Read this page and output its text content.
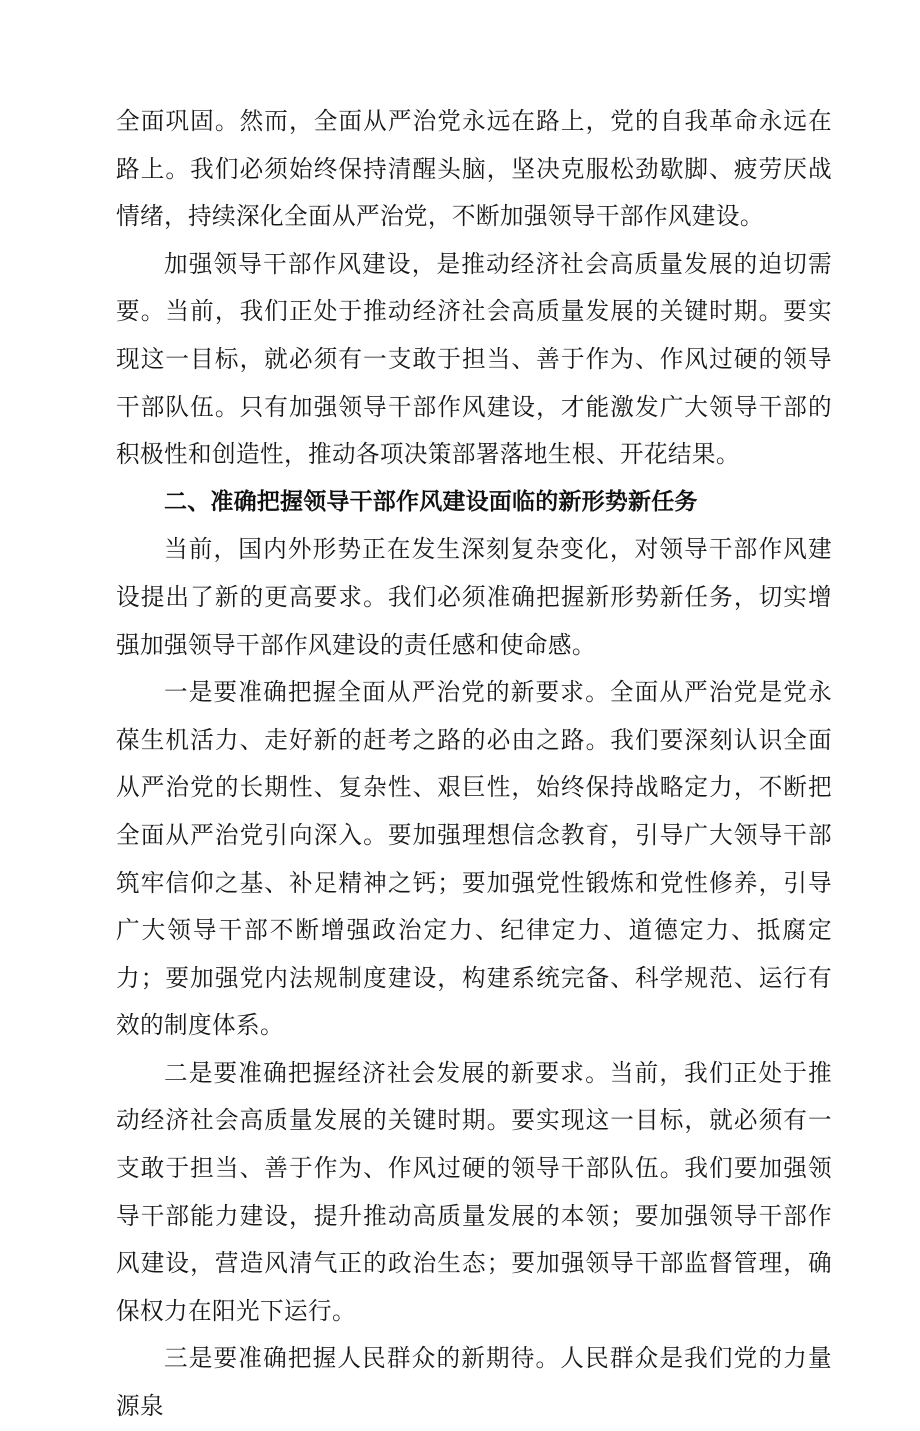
全面巩固。然而，全面从严治党永远在路上，党的自我革命永远在路上。我们必须始终保持清醒头脑，坚决克服松劲歇脚、疲劳厌战情绪，持续深化全面从严治党，不断加强领导干部作风建设。

加强领导干部作风建设，是推动经济社会高质量发展的迫切需要。当前，我们正处于推动经济社会高质量发展的关键时期。要实现这一目标，就必须有一支敢于担当、善于作为、作风过硬的领导干部队伍。只有加强领导干部作风建设，才能激发广大领导干部的积极性和创造性，推动各项决策部署落地生根、开花结果。

二、准确把握领导干部作风建设面临的新形势新任务

当前，国内外形势正在发生深刻复杂变化，对领导干部作风建设提出了新的更高要求。我们必须准确把握新形势新任务，切实增强加强领导干部作风建设的责任感和使命感。

一是要准确把握全面从严治党的新要求。全面从严治党是党永葆生机活力、走好新的赶考之路的必由之路。我们要深刻认识全面从严治党的长期性、复杂性、艰巨性，始终保持战略定力，不断把全面从严治党引向深入。要加强理想信念教育，引导广大领导干部筑牢信仰之基、补足精神之钙；要加强党性锻炼和党性修养，引导广大领导干部不断增强政治定力、纪律定力、道德定力、抵腐定力；要加强党内法规制度建设，构建系统完备、科学规范、运行有效的制度体系。

二是要准确把握经济社会发展的新要求。当前，我们正处于推动经济社会高质量发展的关键时期。要实现这一目标，就必须有一支敢于担当、善于作为、作风过硬的领导干部队伍。我们要加强领导干部能力建设，提升推动高质量发展的本领；要加强领导干部作风建设，营造风清气正的政治生态；要加强领导干部监督管理，确保权力在阳光下运行。

三是要准确把握人民群众的新期待。人民群众是我们党的力量源泉
